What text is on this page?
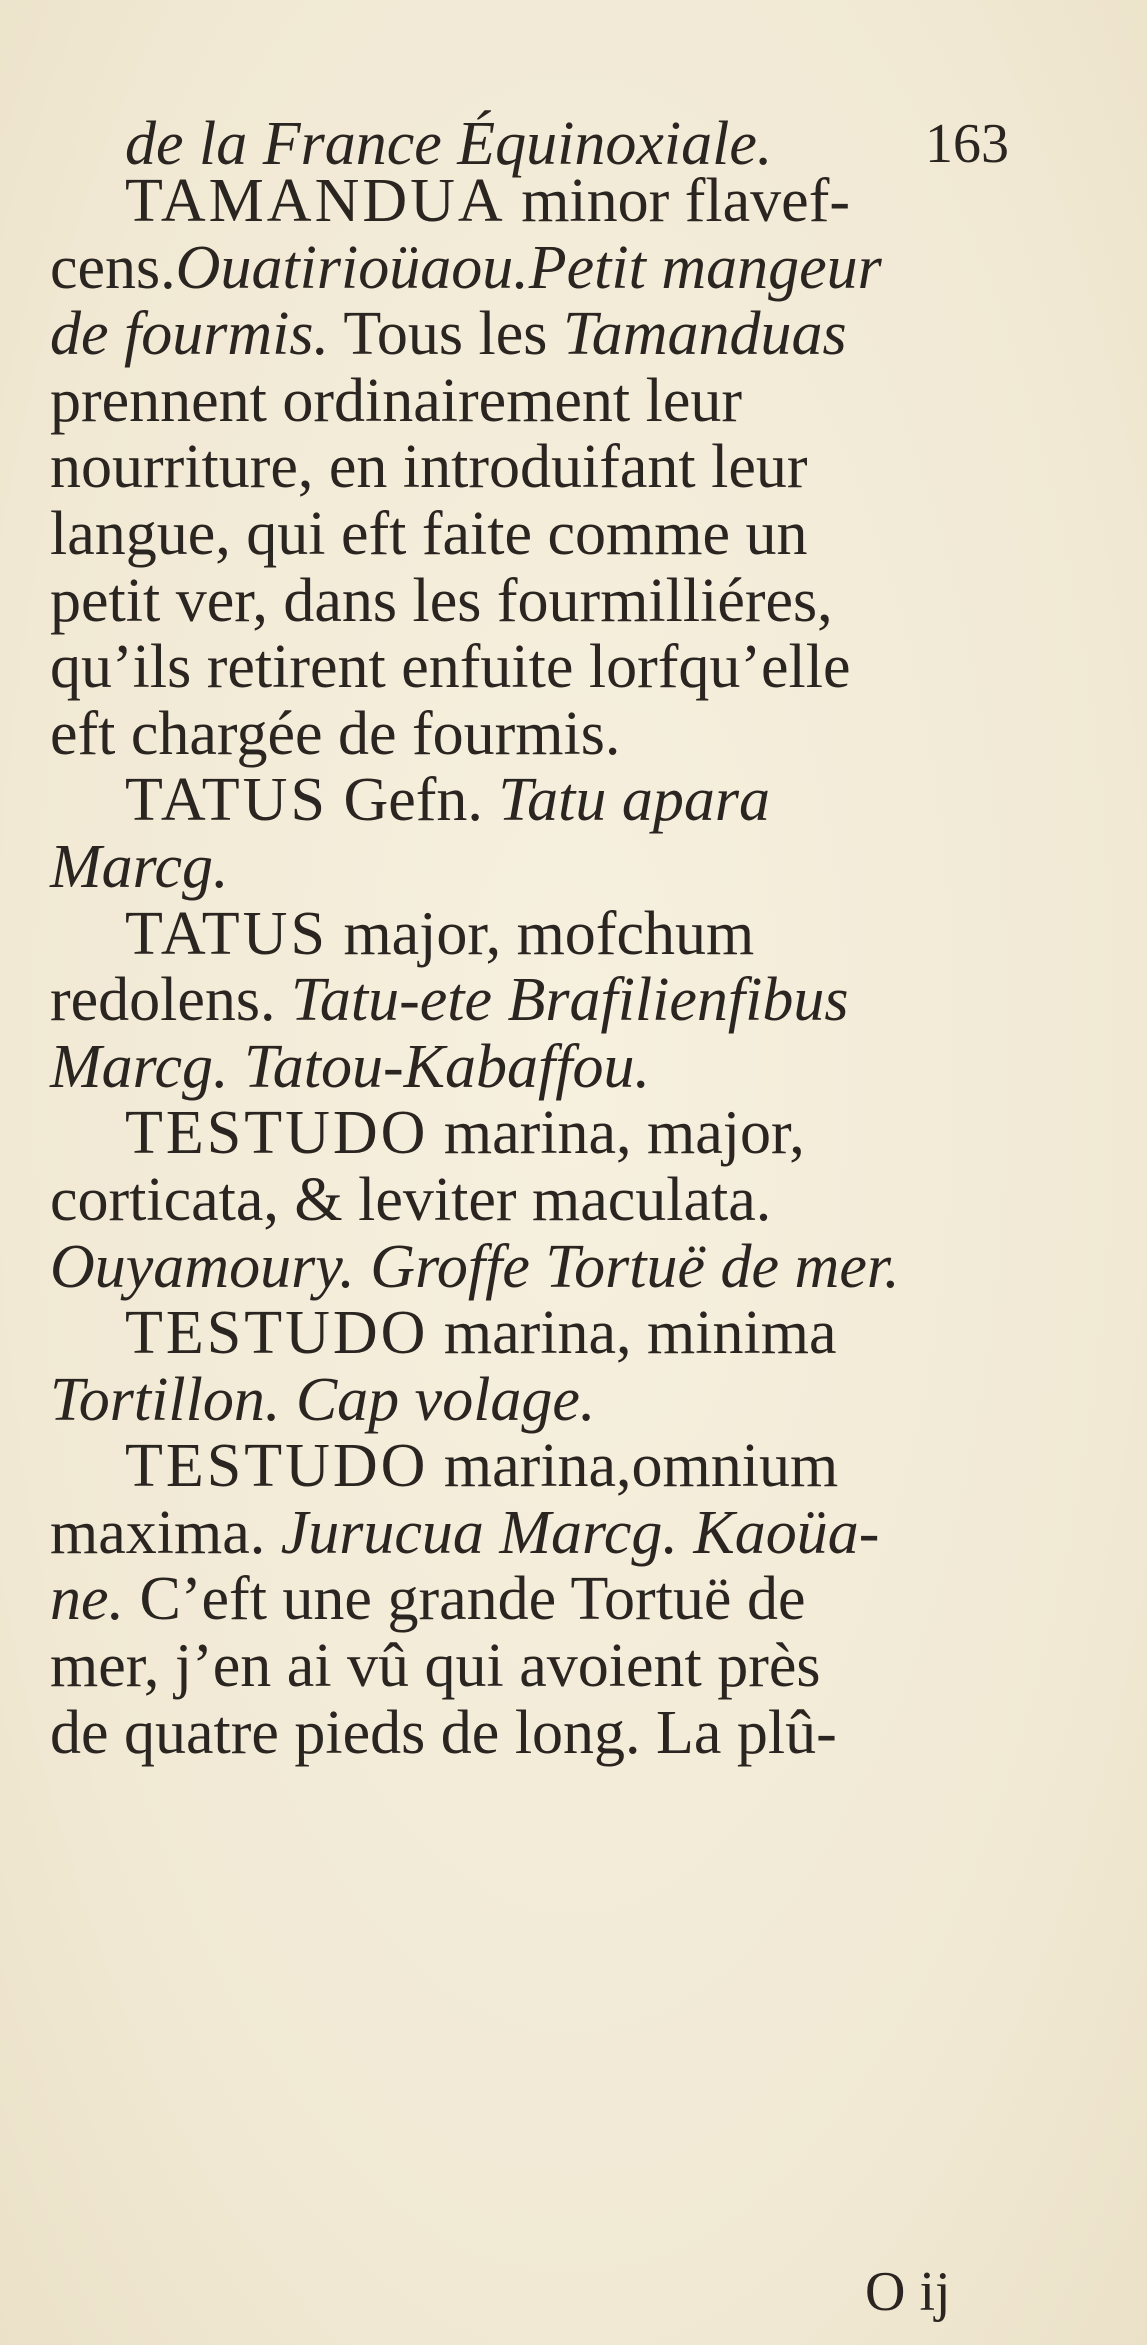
de la France Équinoxiale.	163
TAMANDUA minor flavef-
cens.Ouatirioüaou.Petit mangeur
de fourmis. Tous les Tamanduas
prennent ordinairement leur
nourriture, en introduifant leur
langue, qui eft faite comme un
petit ver, dans les fourmilliéres,
qu’ils retirent enfuite lorfqu’elle
eft chargée de fourmis.
TATUS Gefn. Tatu apara
Marcg.
TATUS major, mofchum
redolens. Tatu-ete Brafilienfibus
Marcg. Tatou-Kabaffou.
TESTUDO marina, major,
corticata, & leviter maculata.
Ouyamoury. Groffe Tortuë de mer.
TESTUDO marina, minima
Tortillon. Cap volage.
TESTUDO marina,omnium
maxima. Jurucua Marcg. Kaoüa-
ne. C’eft une grande Tortuë de
mer, j’en ai vû qui avoient près
de quatre pieds de long. La plû-
O ij
